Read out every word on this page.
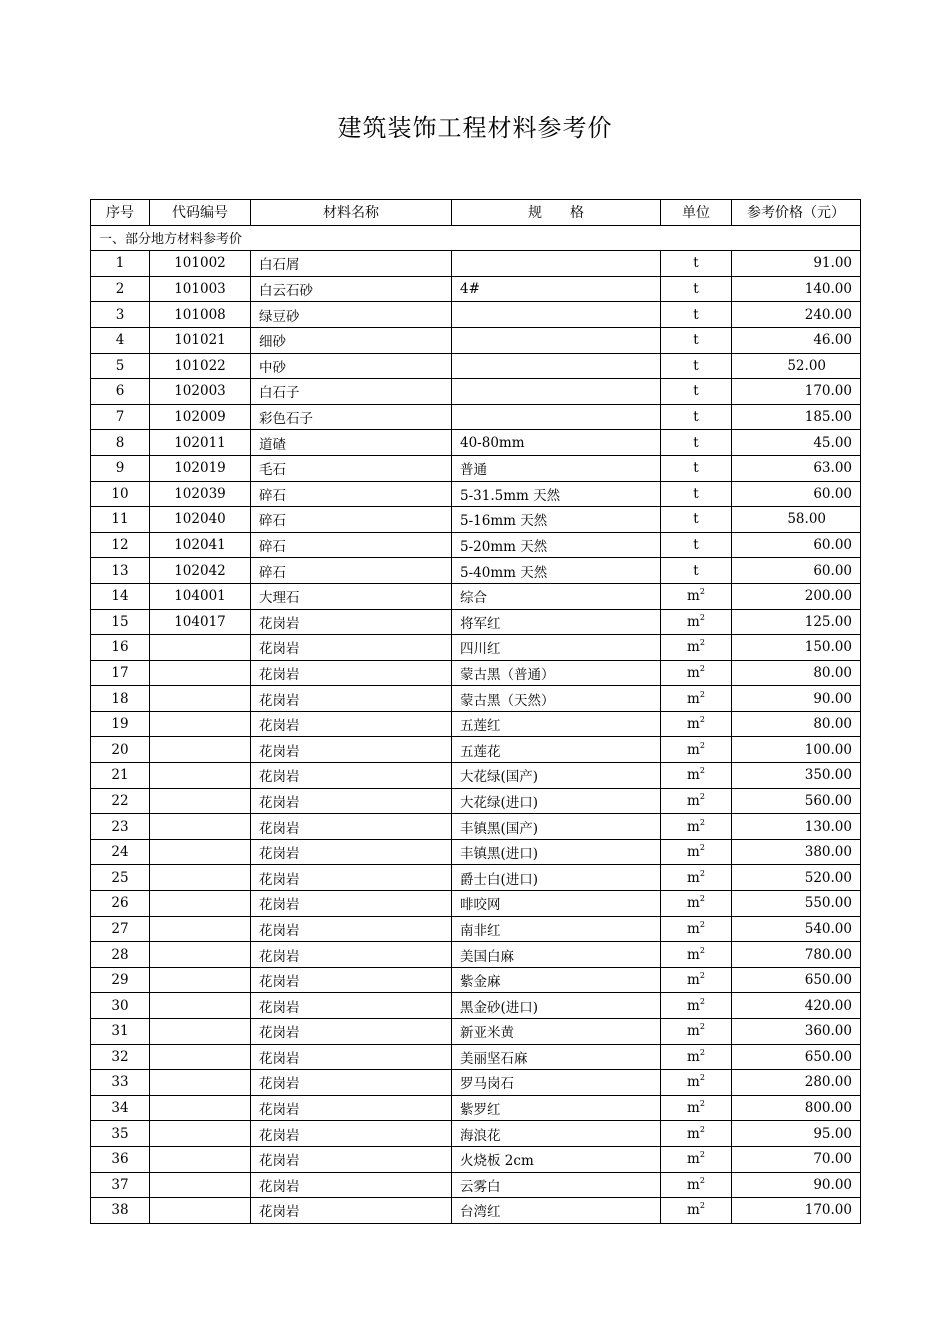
建筑装饰工程材料参考价
序号	代码编号	材料名称	规　　格	单位	参考价格（元）
一、部分地方材料参考价					
1	101002	白石屑		t	91.00
2	101003	白云石砂	4#	t	140.00
3	101008	绿豆砂		t	240.00
4	101021	细砂		t	46.00
5	101022	中砂		t	52.00
6	102003	白石子		t	170.00
7	102009	彩色石子		t	185.00
8	102011	道碴	40-80mm	t	45.00
9	102019	毛石	普通	t	63.00
10	102039	碎石	5-31.5mm 天然	t	60.00
11	102040	碎石	5-16mm 天然	t	58.00
12	102041	碎石	5-20mm 天然	t	60.00
13	102042	碎石	5-40mm 天然	t	60.00
14	104001	大理石	综合	$m^2$	200.00
15	104017	花岗岩	将军红	$m^2$	125.00
16		花岗岩	四川红	$m^2$	150.00
17		花岗岩	蒙古黑（普通）	$m^2$	80.00
18		花岗岩	蒙古黑（天然）	$m^2$	90.00
19		花岗岩	五莲红	$m^2$	80.00
20		花岗岩	五莲花	$m^2$	100.00
21		花岗岩	大花绿(国产)	$m^2$	350.00
22		花岗岩	大花绿(进口)	$m^2$	560.00
23		花岗岩	丰镇黑(国产)	$m^2$	130.00
24		花岗岩	丰镇黑(进口)	$m^2$	380.00
25		花岗岩	爵士白(进口)	$m^2$	520.00
26		花岗岩	啡咬网	$m^2$	550.00
27		花岗岩	南非红	$m^2$	540.00
28		花岗岩	美国白麻	$m^2$	780.00
29		花岗岩	紫金麻	$m^2$	650.00
30		花岗岩	黑金砂(进口)	$m^2$	420.00
31		花岗岩	新亚米黄	$m^2$	360.00
32		花岗岩	美丽坚石麻	$m^2$	650.00
33		花岗岩	罗马岗石	$m^2$	280.00
34		花岗岩	紫罗红	$m^2$	800.00
35		花岗岩	海浪花	$m^2$	95.00
36		花岗岩	火烧板 2cm	$m^2$	70.00
37		花岗岩	云雾白	$m^2$	90.00
38		花岗岩	台湾红	$m^2$	170.00
